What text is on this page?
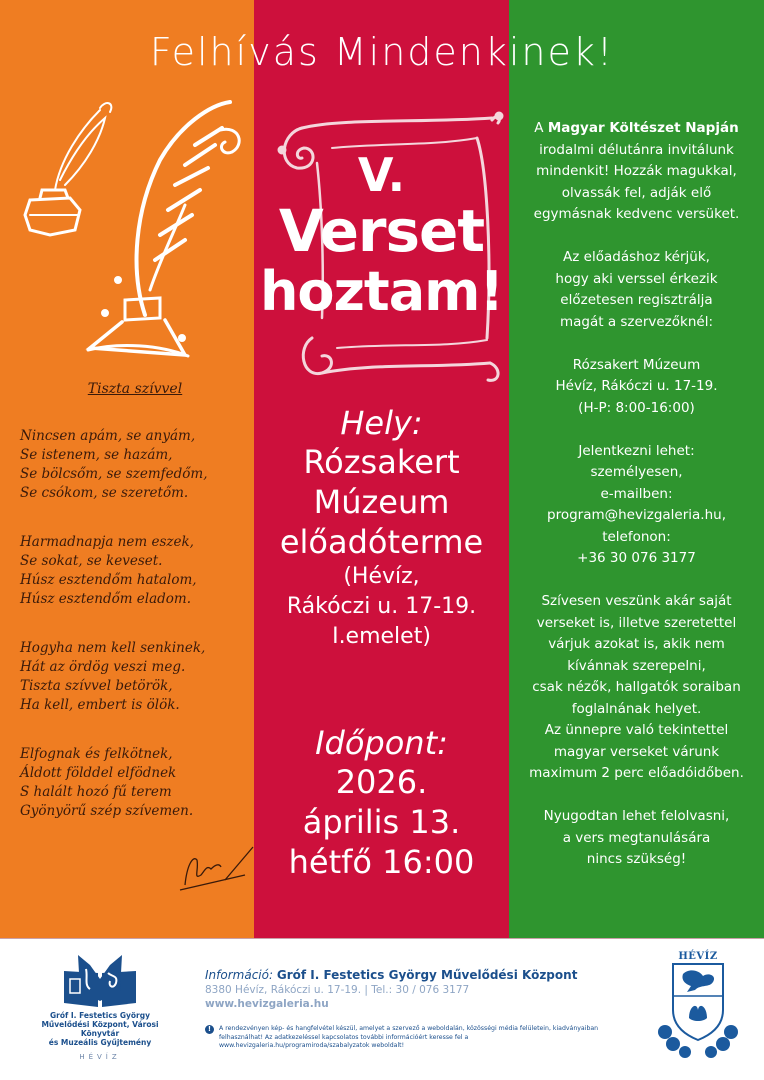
Felhívás Mindenkinek!
Tiszta szívvel
Nincsen apám, se anyám,
Se istenem, se hazám,
Se bölcsőm, se szemfedőm,
Se csókom, se szeretőm.
Harmadnapja nem eszek,
Se sokat, se keveset.
Húsz esztendőm hatalom,
Húsz esztendőm eladom.
Hogyha nem kell senkinek,
Hát az ördög veszi meg.
Tiszta szívvel betörök,
Ha kell, embert is ölök.
Elfognak és felkötnek,
Áldott földdel elfödnek
S halált hozó fű terem
Gyönyörű szép szívemen.
V.
Verset
hoztam!
Hely:
Rózsakert
Múzeum
előadóterme
(Hévíz,
Rákóczi u. 17-19.
I.emelet)
Időpont:
2026.
április 13.
hétfő 16:00

A Magyar Költészet Napján
irodalmi délutánra invitálunk
mindenkit! Hozzák magukkal,
olvassák fel, adják elő
egymásnak kedvenc versüket.

Az előadáshoz kérjük,
hogy aki verssel érkezik
előzetesen regisztrálja
magát a szervezőknél:

Rózsakert Múzeum
Hévíz, Rákóczi u. 17-19.
(H-P: 8:00-16:00)

Jelentkezni lehet:
személyesen,
e-mailben:
program@hevizgaleria.hu,
telefonon:
+36 30 076 3177

Szívesen veszünk akár saját
verseket is, illetve szeretettel
várjuk azokat is, akik nem
kívánnak szerepelni,
csak nézők, hallgatók soraiban
foglalnának helyet.
Az ünnepre való tekintettel
magyar verseket várunk
maximum 2 perc előadóidőben.

Nyugodtan lehet felolvasni,
a vers megtanulására
nincs szükség!

Gróf I. Festetics György
Művelődési Központ, Városi Könyvtár
és Muzeális Gyűjtemény
HÉVÍZ
Információ: Gróf I. Festetics György Művelődési Központ
8380 Hévíz, Rákóczi u. 17-19. | Tel.: 30 / 076 3177
www.hevizgaleria.hu
!	A rendezvényen kép- és hangfelvétel készül, amelyet a szervező a weboldalán, közösségi média felületein, kiadványaiban felhasználhat! Az adatkezeléssel kapcsolatos további információért keresse fel a www.hevizgaleria.hu/programiroda/szabalyzatok weboldalt!
HÉVÍZ
